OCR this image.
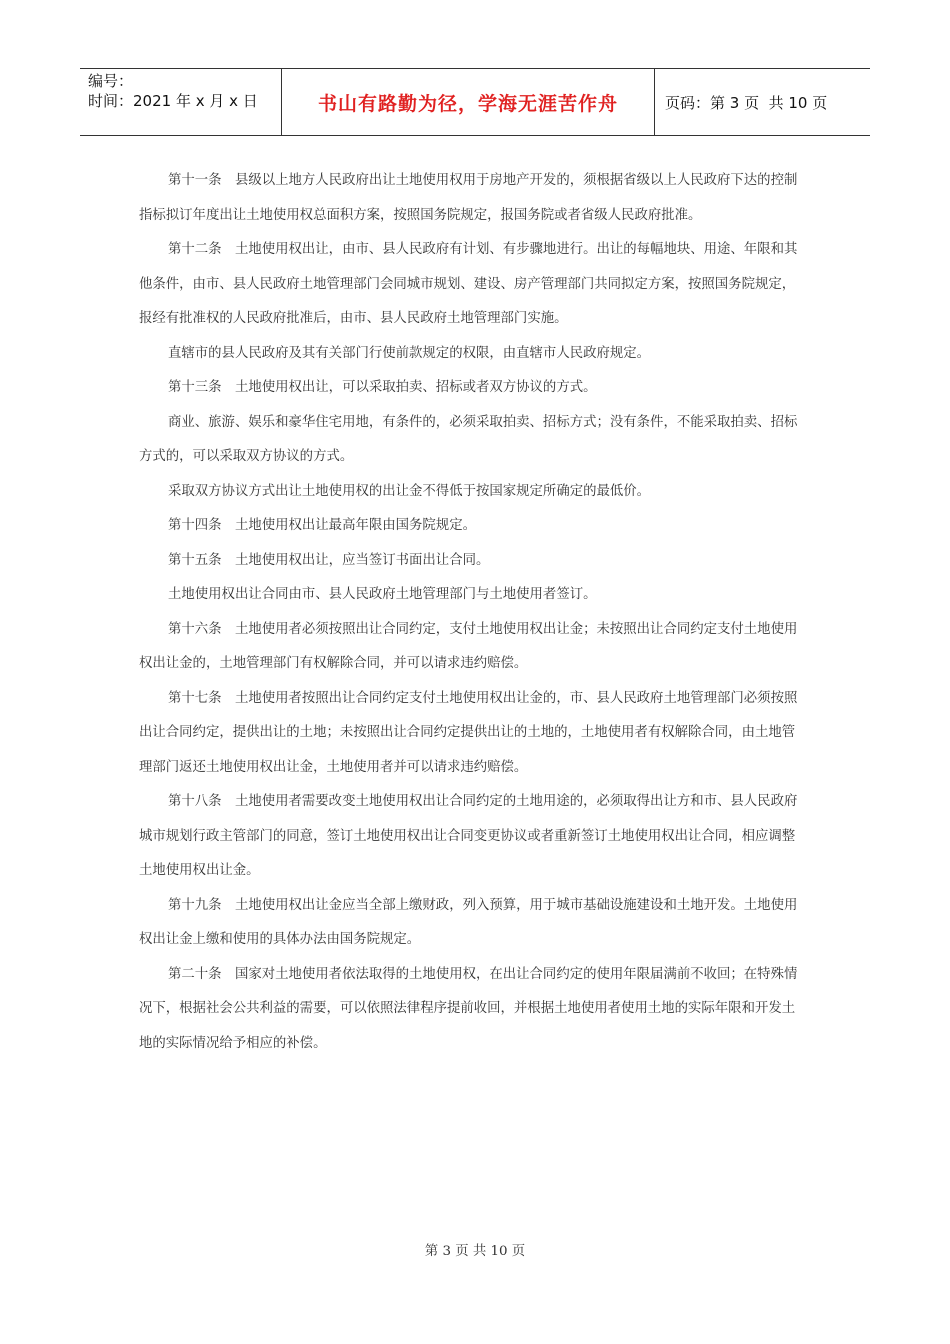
编号：
时间：2021 年 x 月 x 日	书山有路勤为径，学海无涯苦作舟	页码：第 3 页  共 10 页

第十一条　县级以上地方人民政府出让土地使用权用于房地产开发的，须根据省级以上人民政府下达的控制指标拟订年度出让土地使用权总面积方案，按照国务院规定，报国务院或者省级人民政府批准。

第十二条　土地使用权出让，由市、县人民政府有计划、有步骤地进行。出让的每幅地块、用途、年限和其他条件，由市、县人民政府土地管理部门会同城市规划、建设、房产管理部门共同拟定方案，按照国务院规定，报经有批准权的人民政府批准后，由市、县人民政府土地管理部门实施。

直辖市的县人民政府及其有关部门行使前款规定的权限，由直辖市人民政府规定。

第十三条　土地使用权出让，可以采取拍卖、招标或者双方协议的方式。

商业、旅游、娱乐和豪华住宅用地，有条件的，必须采取拍卖、招标方式；没有条件，不能采取拍卖、招标方式的，可以采取双方协议的方式。

采取双方协议方式出让土地使用权的出让金不得低于按国家规定所确定的最低价。

第十四条　土地使用权出让最高年限由国务院规定。

第十五条　土地使用权出让，应当签订书面出让合同。

土地使用权出让合同由市、县人民政府土地管理部门与土地使用者签订。

第十六条　土地使用者必须按照出让合同约定，支付土地使用权出让金；未按照出让合同约定支付土地使用权出让金的，土地管理部门有权解除合同，并可以请求违约赔偿。

第十七条　土地使用者按照出让合同约定支付土地使用权出让金的，市、县人民政府土地管理部门必须按照出让合同约定，提供出让的土地；未按照出让合同约定提供出让的土地的，土地使用者有权解除合同，由土地管理部门返还土地使用权出让金，土地使用者并可以请求违约赔偿。

第十八条　土地使用者需要改变土地使用权出让合同约定的土地用途的，必须取得出让方和市、县人民政府城市规划行政主管部门的同意，签订土地使用权出让合同变更协议或者重新签订土地使用权出让合同，相应调整土地使用权出让金。

第十九条　土地使用权出让金应当全部上缴财政，列入预算，用于城市基础设施建设和土地开发。土地使用权出让金上缴和使用的具体办法由国务院规定。

第二十条　国家对土地使用者依法取得的土地使用权，在出让合同约定的使用年限届满前不收回；在特殊情况下，根据社会公共利益的需要，可以依照法律程序提前收回，并根据土地使用者使用土地的实际年限和开发土地的实际情况给予相应的补偿。

第 3 页 共 10 页
